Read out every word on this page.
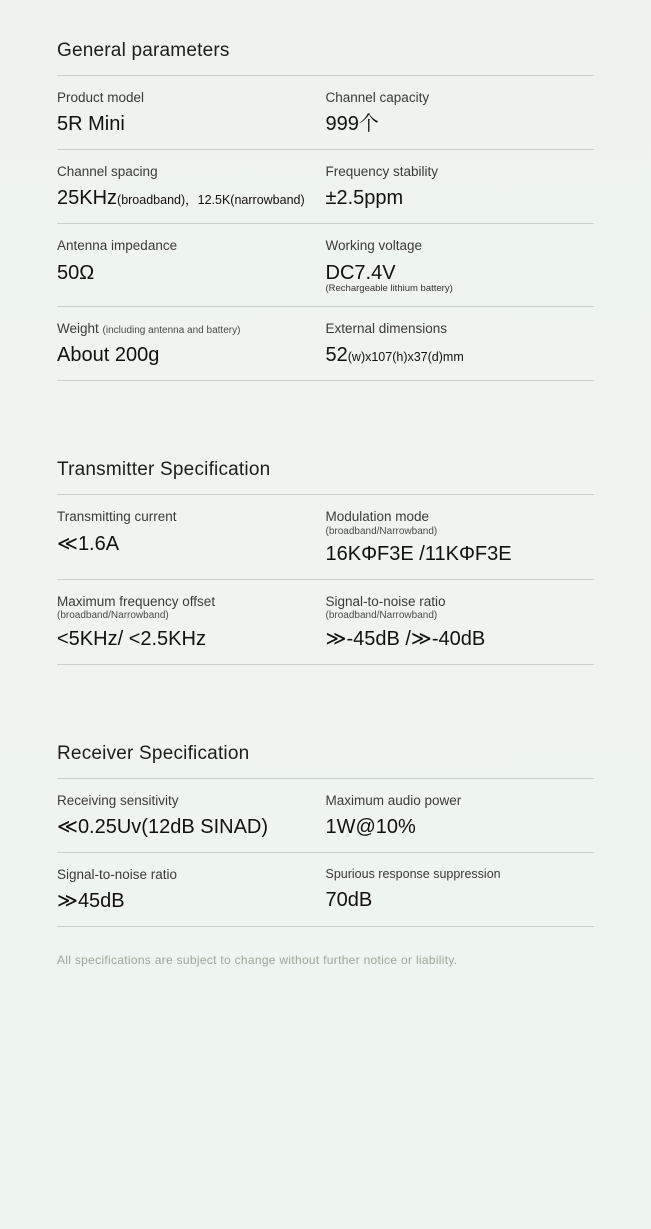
General parameters
Product model
5R Mini
Channel capacity
999个
Channel spacing
25KHz(broadband)，12.5K(narrowband)
Frequency stability
±2.5ppm
Antenna impedance
50Ω
Working voltage
DC7.4V
(Rechargeable lithium battery)
Weight (including antenna and battery)
About 200g
External dimensions
52(w)x107(h)x37(d)mm
Transmitter Specification
Transmitting current
≪1.6A
Modulation mode
(broadband/Narrowband)
16KΦF3E /11KΦF3E
Maximum frequency offset
(broadband/Narrowband)
<5KHz/ <2.5KHz
Signal-to-noise ratio
(broadband/Narrowband)
≫-45dB /≫-40dB
Receiver Specification
Receiving sensitivity
≪0.25Uv(12dB SINAD)
Maximum audio power
1W@10%
Signal-to-noise ratio
≫45dB
Spurious response suppression
70dB
All specifications are subject to change without further notice or liability.
